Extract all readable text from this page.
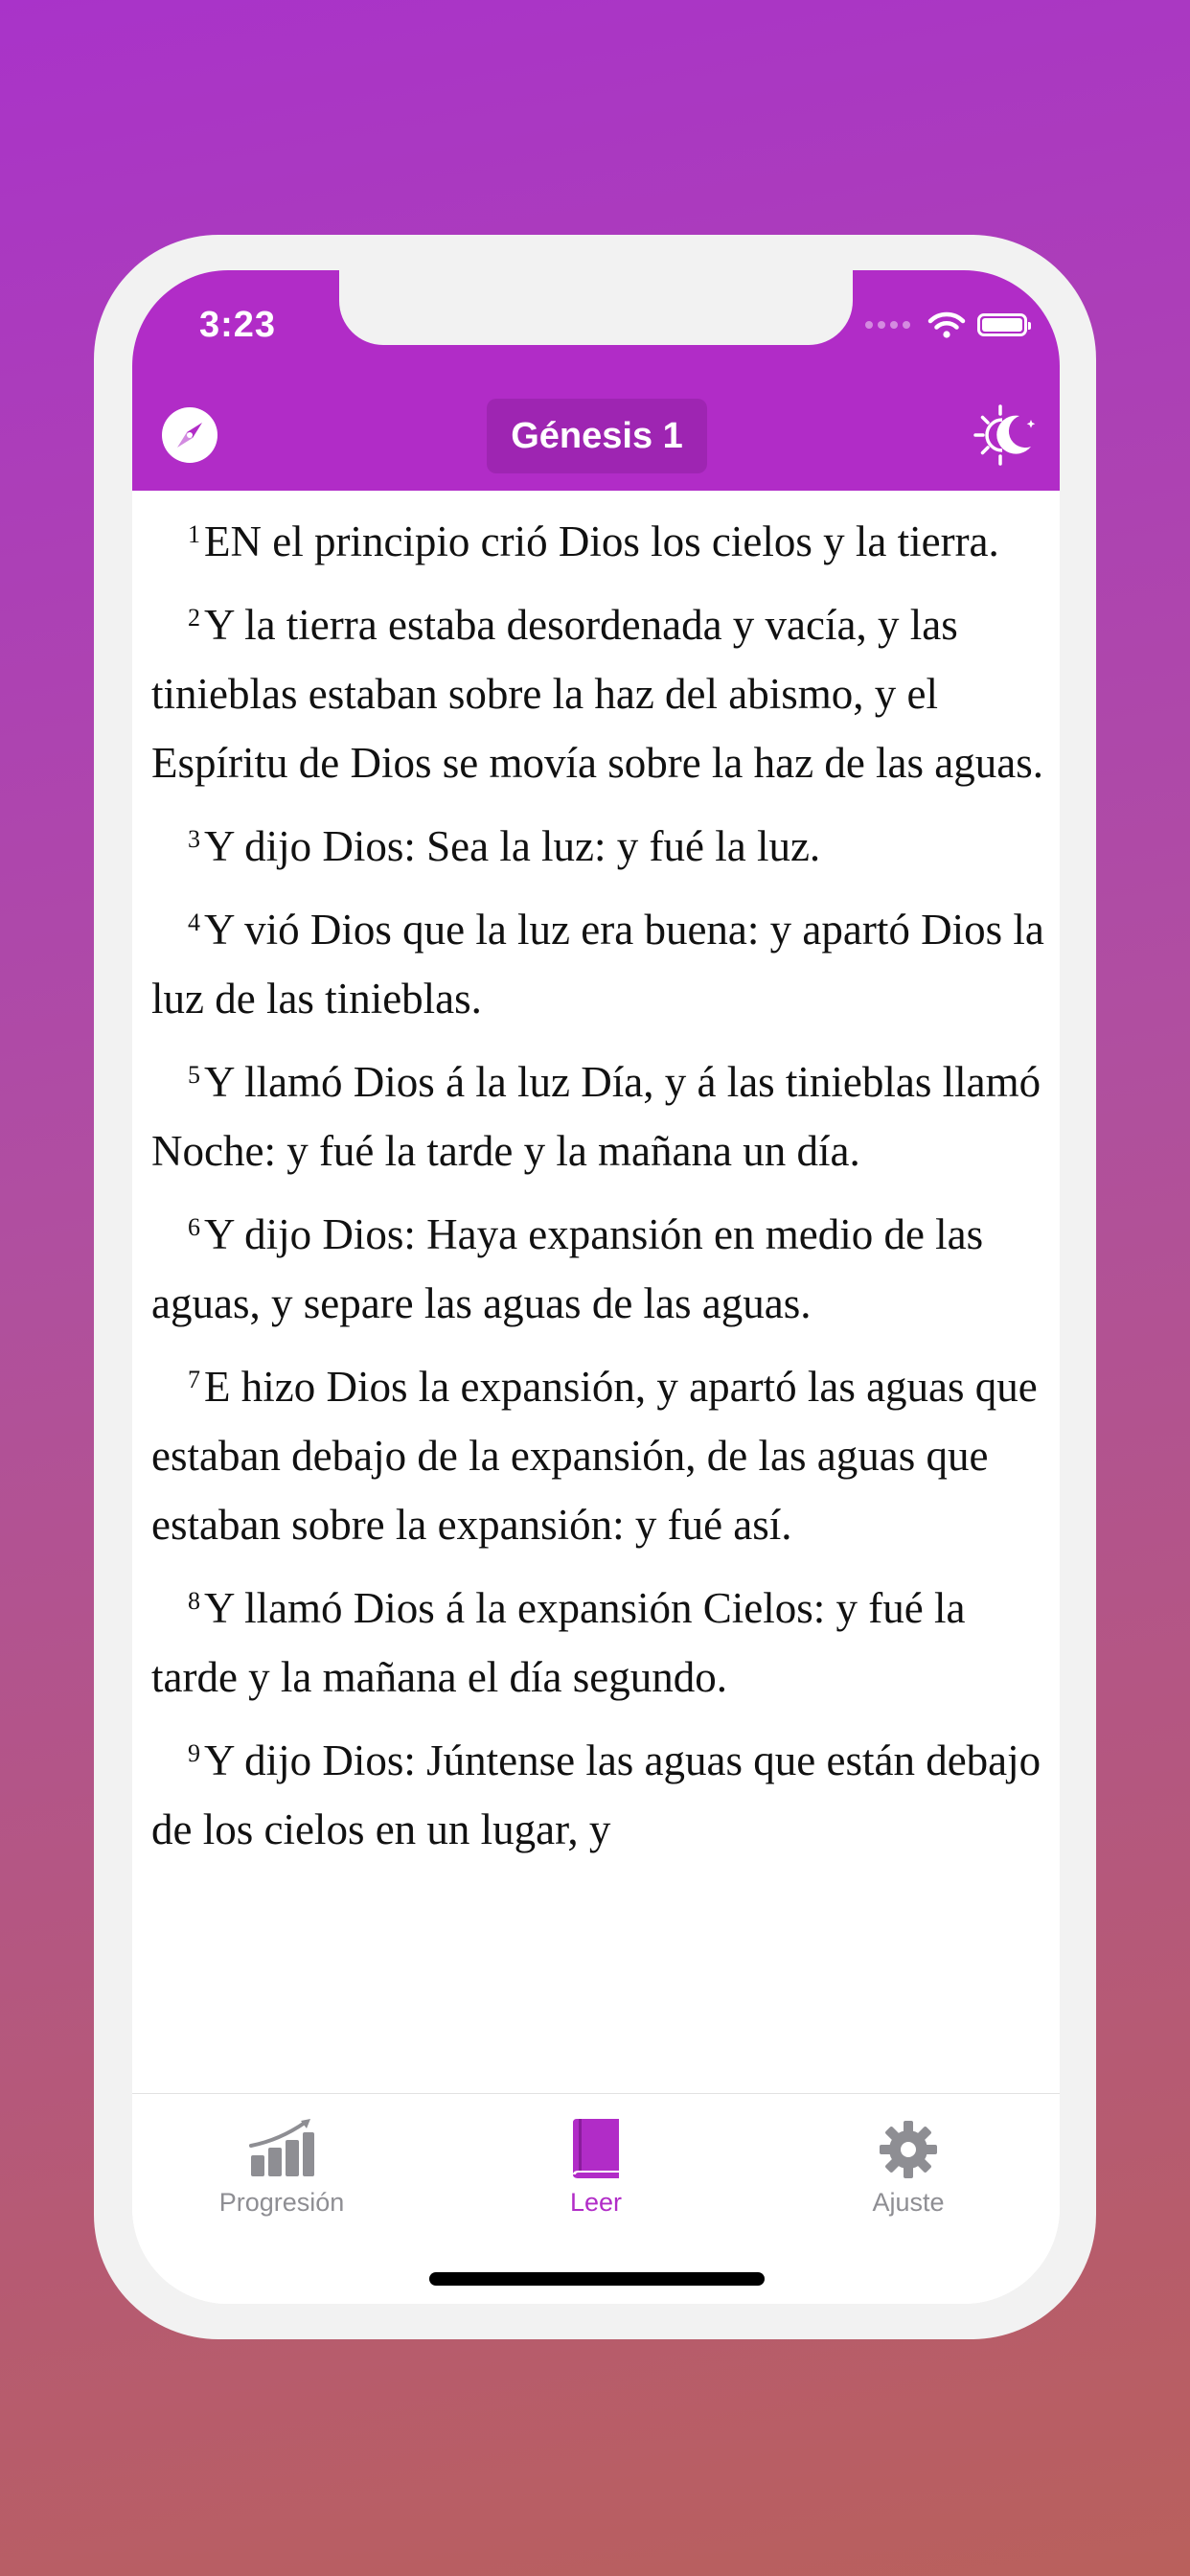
3:23
Génesis 1

$^1$EN el principio crió Dios los cielos y la tierra.

$^2$Y la tierra estaba desordenada y vacía, y las tinieblas estaban sobre la haz del abismo, y el Espíritu de Dios se movía sobre la haz de las aguas.

$^3$Y dijo Dios: Sea la luz: y fué la luz.

$^4$Y vió Dios que la luz era buena: y apartó Dios la luz de las tinieblas.

$^5$Y llamó Dios á la luz Día, y á las tinieblas llamó Noche: y fué la tarde y la mañana un día.

$^6$Y dijo Dios: Haya expansión en medio de las aguas, y separe las aguas de las aguas.

$^7$E hizo Dios la expansión, y apartó las aguas que estaban debajo de la expansión, de las aguas que estaban sobre la expansión: y fué así.

$^8$Y llamó Dios á la expansión Cielos: y fué la tarde y la mañana el día segundo.

$^9$Y dijo Dios: Júntense las aguas que están debajo de los cielos en un lugar, y

Progresión	Leer	Ajuste
